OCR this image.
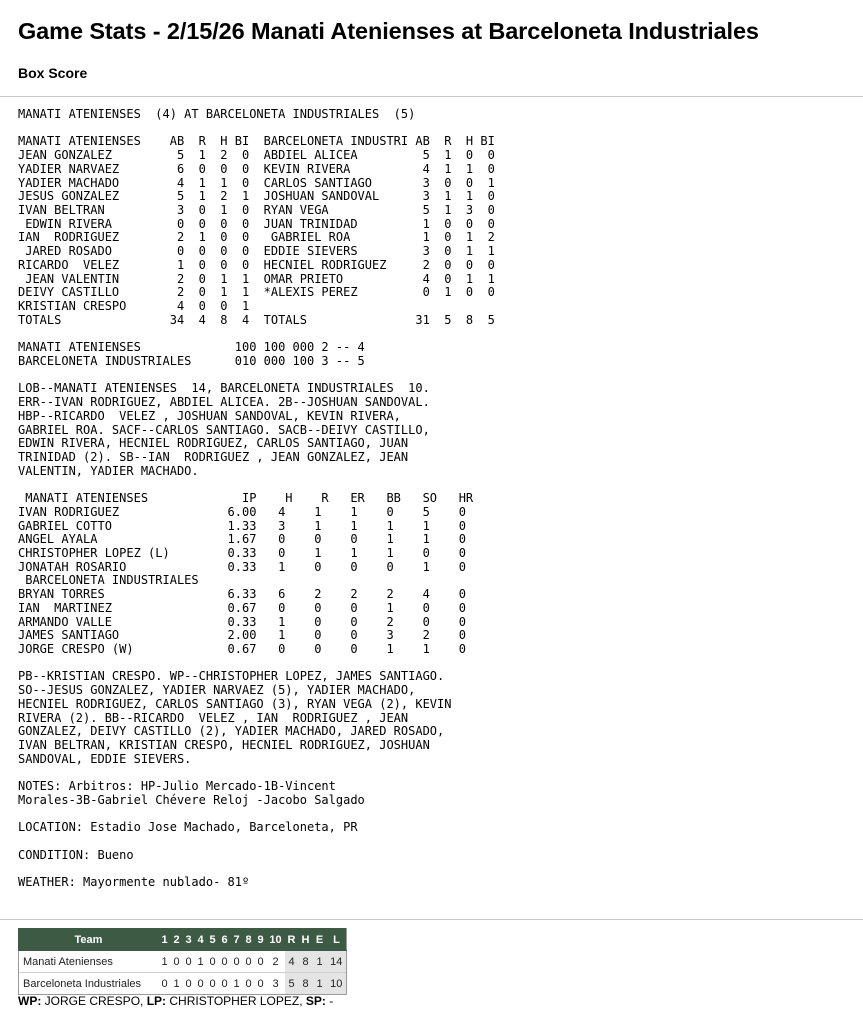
Game Stats - 2/15/26 Manati Atenienses at Barceloneta Industriales
Box Score
MANATI ATENIENSES  (4) AT BARCELONETA INDUSTRIALES  (5)

MANATI ATENIENSES    AB  R  H BI  BARCELONETA INDUSTRI AB  R  H BI
JEAN GONZALEZ         5  1  2  0  ABDIEL ALICEA         5  1  0  0
YADIER NARVAEZ        6  0  0  0  KEVIN RIVERA          4  1  1  0
YADIER MACHADO        4  1  1  0  CARLOS SANTIAGO       3  0  0  1
JESUS GONZALEZ        5  1  2  1  JOSHUAN SANDOVAL      3  1  1  0
IVAN BELTRAN          3  0  1  0  RYAN VEGA             5  1  3  0
EDWIN RIVERA         0  0  0  0  JUAN TRINIDAD         1  0  0  0
IAN  RODRIGUEZ        2  1  0  0   GABRIEL ROA          1  0  1  2
JARED ROSADO         0  0  0  0  EDDIE SIEVERS         3  0  1  1
RICARDO  VELEZ        1  0  0  0  HECNIEL RODRIGUEZ     2  0  0  0
JEAN VALENTIN        2  0  1  1  OMAR PRIETO           4  0  1  1
DEIVY CASTILLO        2  0  1  1  *ALEXIS PEREZ         0  1  0  0
KRISTIAN CRESPO       4  0  0  1
TOTALS               34  4  8  4  TOTALS               31  5  8  5

MANATI ATENIENSES             100 100 000 2 -- 4
BARCELONETA INDUSTRIALES      010 000 100 3 -- 5

LOB--MANATI ATENIENSES  14, BARCELONETA INDUSTRIALES  10.
ERR--IVAN RODRIGUEZ, ABDIEL ALICEA. 2B--JOSHUAN SANDOVAL.
HBP--RICARDO  VELEZ , JOSHUAN SANDOVAL, KEVIN RIVERA,
GABRIEL ROA. SACF--CARLOS SANTIAGO. SACB--DEIVY CASTILLO,
EDWIN RIVERA, HECNIEL RODRIGUEZ, CARLOS SANTIAGO, JUAN
TRINIDAD (2). SB--IAN  RODRIGUEZ , JEAN GONZALEZ, JEAN
VALENTIN, YADIER MACHADO.

MANATI ATENIENSES             IP    H    R   ER   BB   SO   HR
IVAN RODRIGUEZ               6.00   4    1    1    0    5    0
GABRIEL COTTO                1.33   3    1    1    1    1    0
ANGEL AYALA                  1.67   0    0    0    1    1    0
CHRISTOPHER LOPEZ (L)        0.33   0    1    1    1    0    0
JONATAH ROSARIO              0.33   1    0    0    0    1    0
BARCELONETA INDUSTRIALES
BRYAN TORRES                 6.33   6    2    2    2    4    0
IAN  MARTINEZ                0.67   0    0    0    1    0    0
ARMANDO VALLE                0.33   1    0    0    2    0    0
JAMES SANTIAGO               2.00   1    0    0    3    2    0
JORGE CRESPO (W)             0.67   0    0    0    1    1    0

PB--KRISTIAN CRESPO. WP--CHRISTOPHER LOPEZ, JAMES SANTIAGO.
SO--JESUS GONZALEZ, YADIER NARVAEZ (5), YADIER MACHADO,
HECNIEL RODRIGUEZ, CARLOS SANTIAGO (3), RYAN VEGA (2), KEVIN
RIVERA (2). BB--RICARDO  VELEZ , IAN  RODRIGUEZ , JEAN
GONZALEZ, DEIVY CASTILLO (2), YADIER MACHADO, JARED ROSADO,
IVAN BELTRAN, KRISTIAN CRESPO, HECNIEL RODRIGUEZ, JOSHUAN
SANDOVAL, EDDIE SIEVERS.

NOTES: Arbitros: HP-Julio Mercado-1B-Vincent
Morales-3B-Gabriel Chévere Reloj -Jacobo Salgado

LOCATION: Estadio Jose Machado, Barceloneta, PR

CONDITION: Bueno

WEATHER: Mayormente nublado- 81º
Team	1	2	3	4	5	6	7	8	9	10	R	H	E	L
Manati Atenienses	1	0	0	1	0	0	0	0	0	2	4	8	1	14
Barceloneta Industriales	0	1	0	0	0	0	1	0	0	3	5	8	1	10
WP: JORGE CRESPO, LP: CHRISTOPHER LOPEZ, SP: -
